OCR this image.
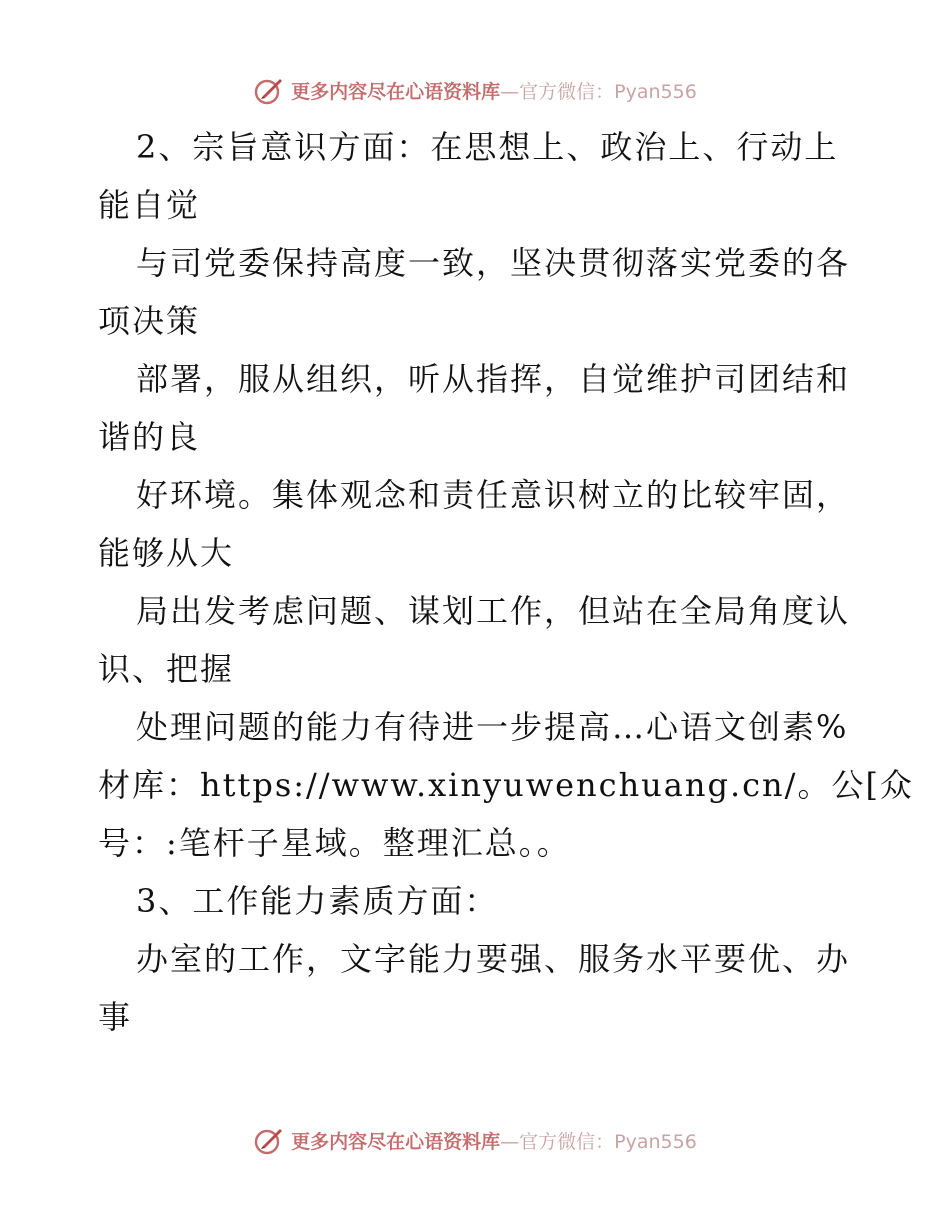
更多内容尽在心语资料库—官方微信：Pyan556
2、宗旨意识方面：在思想上、政治上、行动上
能自觉
与司党委保持高度一致，坚决贯彻落实党委的各
项决策
部署，服从组织，听从指挥，自觉维护司团结和
谐的良
好环境。集体观念和责任意识树立的比较牢固，
能够从大
局出发考虑问题、谋划工作，但站在全局角度认
识、把握
处理问题的能力有待进一步提高…心语文创素%
材库：https://www.xinyuwenchuang.cn/。公[众
号：:笔杆子星域。整理汇总。。
3、工作能力素质方面：
办室的工作，文字能力要强、服务水平要优、办
事
更多内容尽在心语资料库—官方微信：Pyan556
